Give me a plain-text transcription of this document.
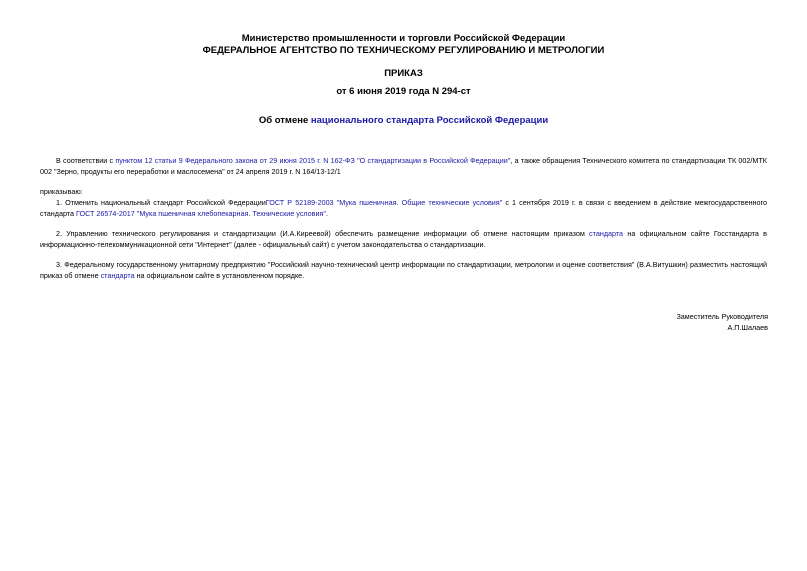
Министерство промышленности и торговли Российской Федерации
ФЕДЕРАЛЬНОЕ АГЕНТСТВО ПО ТЕХНИЧЕСКОМУ РЕГУЛИРОВАНИЮ И МЕТРОЛОГИИ
ПРИКАЗ
от 6 июня 2019 года N 294-ст
Об отмене национального стандарта Российской Федерации
В соответствии с пунктом 12 статьи 9 Федерального закона от 29 июня 2015 г. N 162-ФЗ "О стандартизации в Российской Федерации", а также обращения Технического комитета по стандартизации ТК 002/МТК 002 "Зерно, продукты его переработки и маслосемена" от 24 апреля 2019 г. N 164/13-12/1
приказываю:
1. Отменить национальный стандарт Российской ФедерацииГОСТ Р 52189-2003 "Мука пшеничная. Общие технические условия" с 1 сентября 2019 г. в связи с введением в действие межгосударственного стандарта ГОСТ 26574-2017 "Мука пшеничная хлебопекарная. Технические условия".
2. Управлению технического регулирования и стандартизации (И.А.Киреевой) обеспечить размещение информации об отмене настоящим приказом стандарта на официальном сайте Госстандарта в информационно-телекоммуникационной сети "Интернет" (далее - официальный сайт) с учетом законодательства о стандартизации.
3. Федеральному государственному унитарному предприятию "Российский научно-технический центр информации по стандартизации, метрологии и оценке соответствия" (В.А.Витушкин) разместить настоящий приказ об отмене стандарта на официальном сайте в установленном порядке.
Заместитель Руководителя
А.П.Шалаев
